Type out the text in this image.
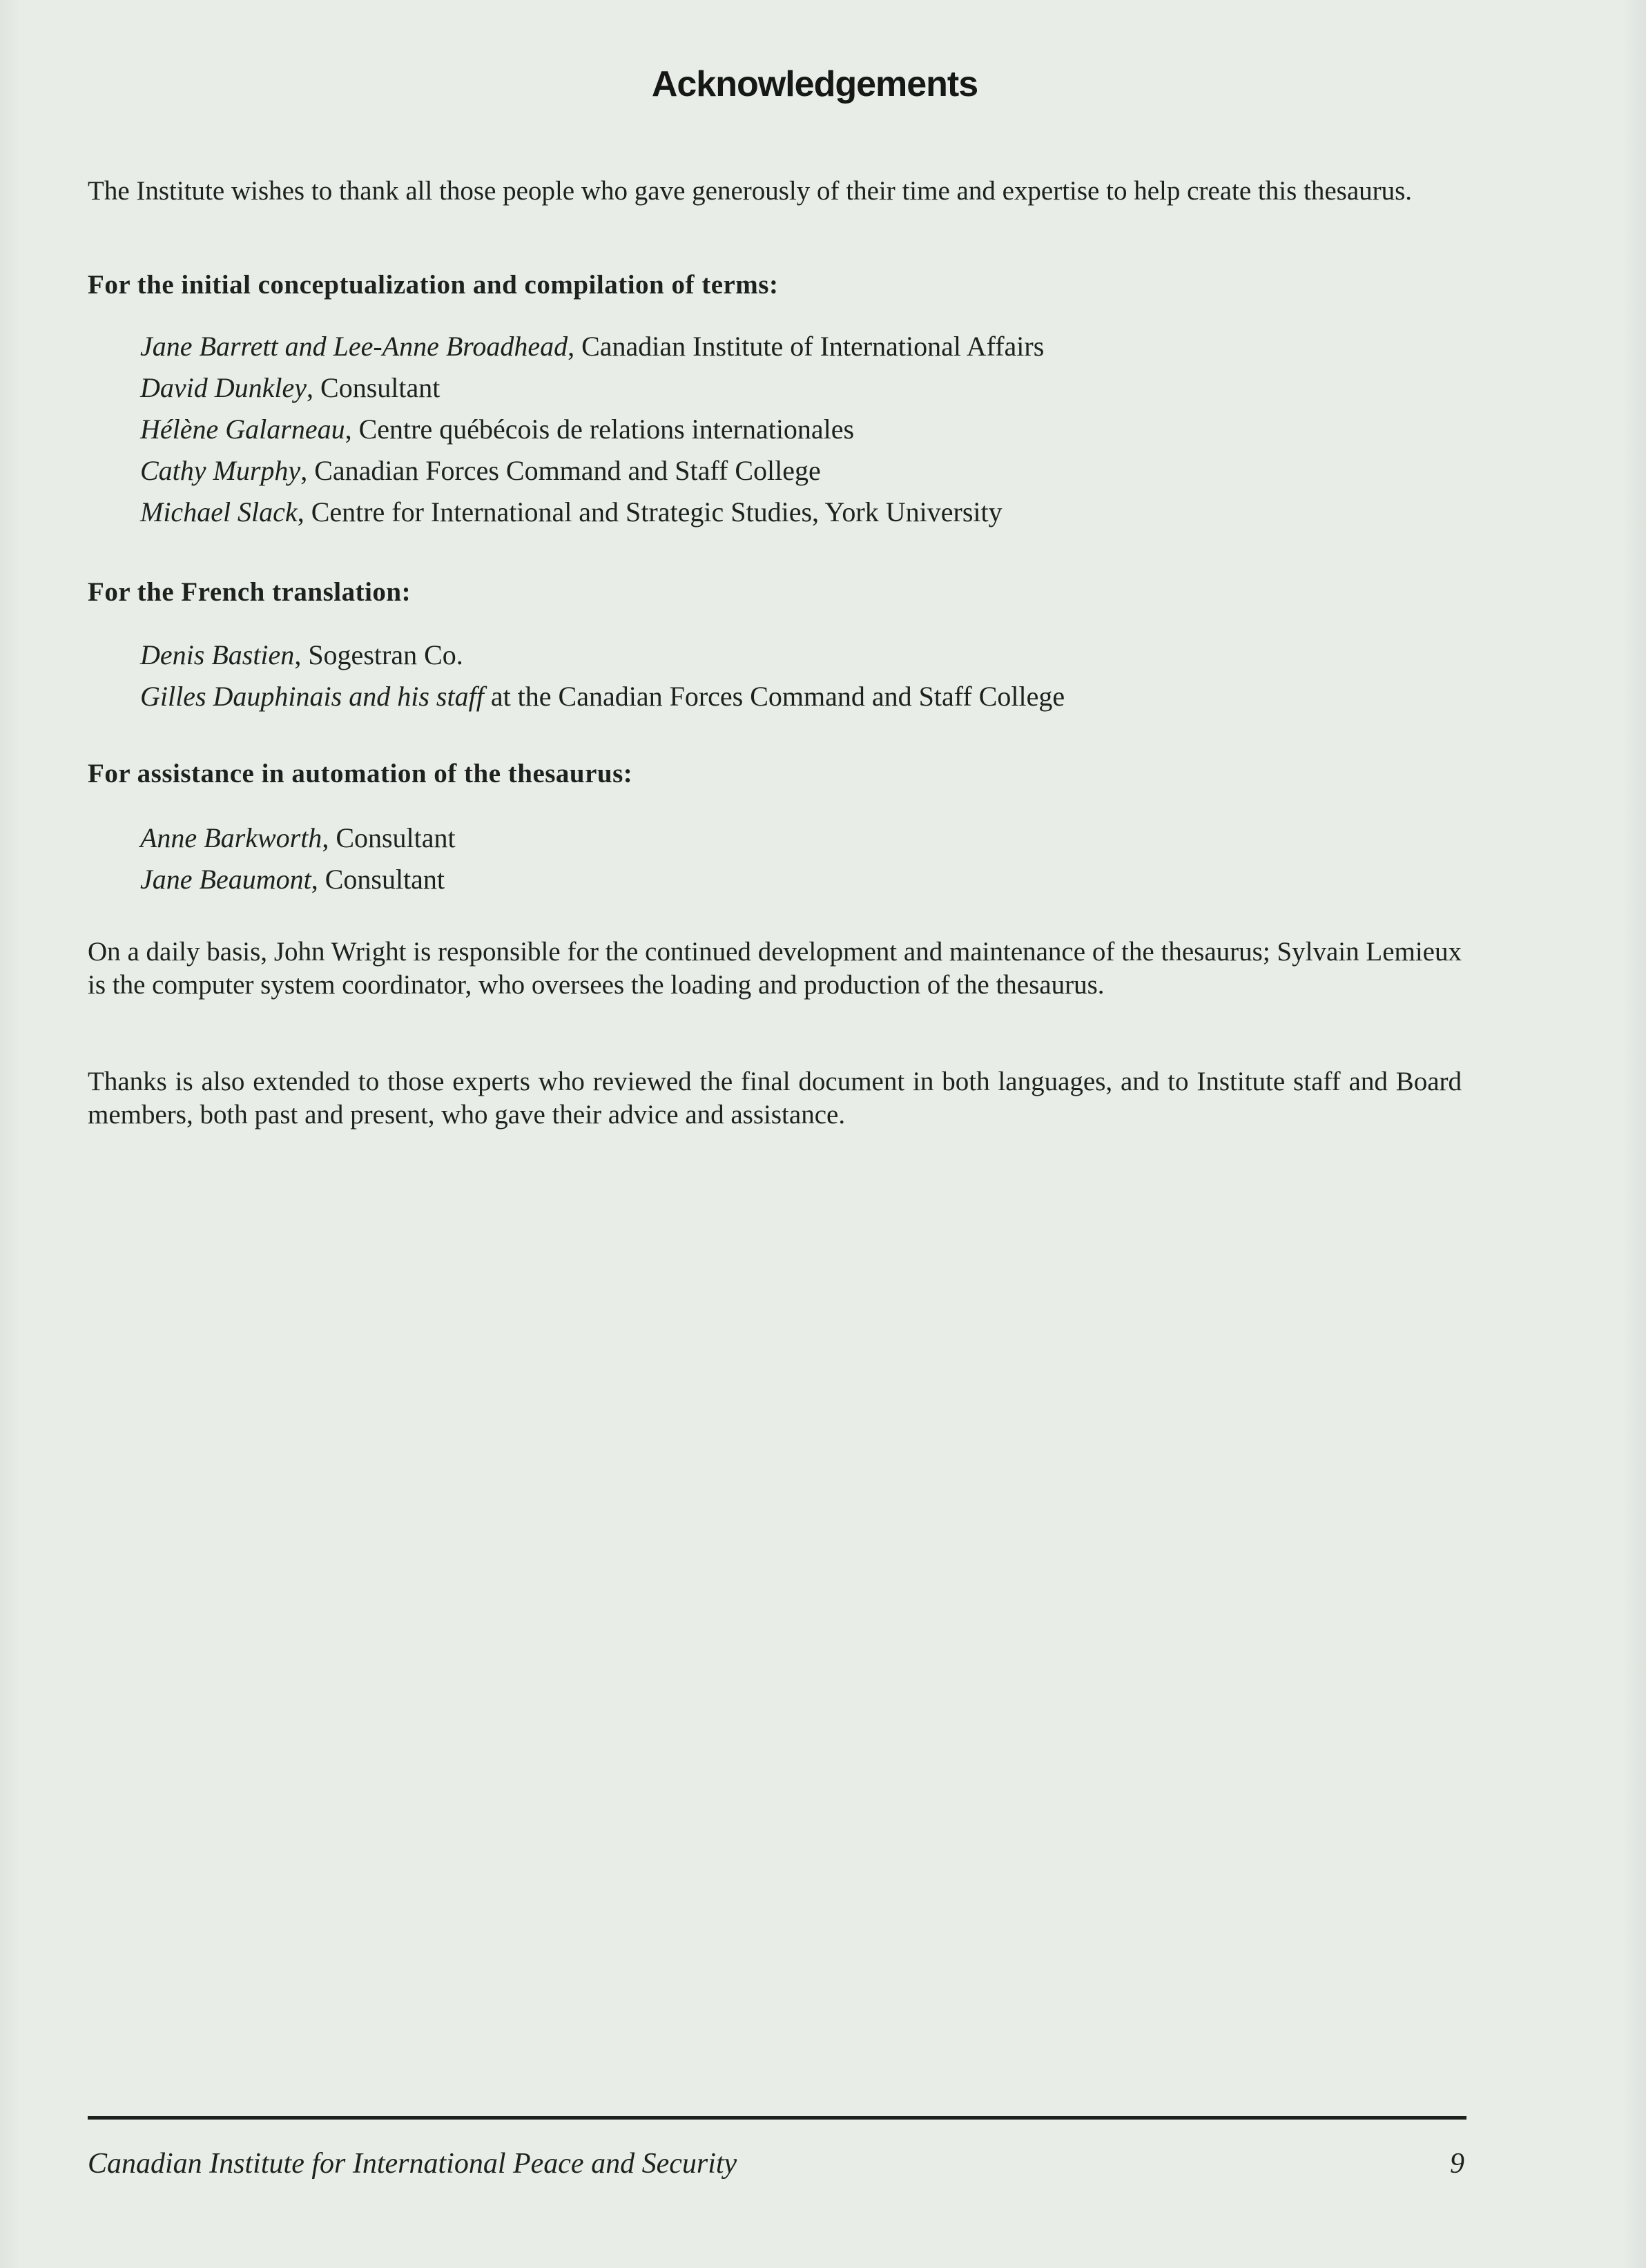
Acknowledgements

The Institute wishes to thank all those people who gave generously of their time and expertise to help create this thesaurus.

For the initial conceptualization and compilation of terms:

Jane Barrett and Lee-Anne Broadhead, Canadian Institute of International Affairs

David Dunkley, Consultant

Hélène Galarneau, Centre québécois de relations internationales

Cathy Murphy, Canadian Forces Command and Staff College

Michael Slack, Centre for International and Strategic Studies, York University

For the French translation:

Denis Bastien, Sogestran Co.

Gilles Dauphinais and his staff at the Canadian Forces Command and Staff College

For assistance in automation of the thesaurus:

Anne Barkworth, Consultant

Jane Beaumont, Consultant

On a daily basis, John Wright is responsible for the continued development and maintenance of the thesaurus; Sylvain Lemieux is the computer system coordinator, who oversees the loading and production of the thesaurus.

Thanks is also extended to those experts who reviewed the final document in both languages, and to Institute staff and Board members, both past and present, who gave their advice and assistance.

Canadian Institute for International Peace and Security	9
